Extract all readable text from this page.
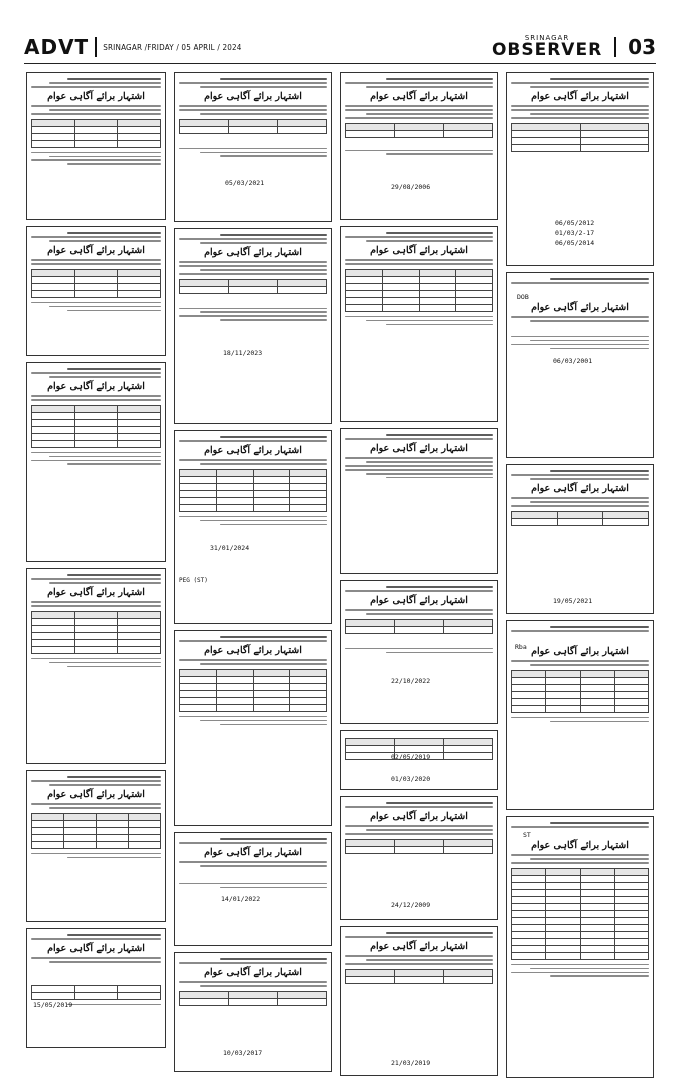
ADVT SRINAGAR /FRIDAY / 05 APRIL / 2024
SRINAGAR
OBSERVER 03
اشتہار برائے آگاہی عوام

اشتہار برائے آگاہی عوام

اشتہار برائے آگاہی عوام

اشتہار برائے آگاہی عوام

اشتہار برائے آگاہی عوام

اشتہار برائے آگاہی عوام
15/05/2019

اشتہار برائے آگاہی عوام

05/03/2021
اشتہار برائے آگاہی عوام

18/11/2023
اشتہار برائے آگاہی عوام

PEG (ST)
اشتہار برائے آگاہی عوام

اشتہار برائے آگاہی عوام
14/01/2022
اشتہار برائے آگاہی عوام

10/03/2017
اشتہار برائے آگاہی عوام

29/08/2006
اشتہار برائے آگاہی عوام

اشتہار برائے آگاہی عوام
اشتہار برائے آگاہی عوام

22/10/2022

02/05/2019
01/03/2020
اشتہار برائے آگاہی عوام

24/12/2009
اشتہار برائے آگاہی عوام

21/03/2019
اشتہار برائے آگاہی عوام

06/05/2012
01/03/2-17
06/05/2014
DOB
اشتہار برائے آگاہی عوام
06/03/2001
اشتہار برائے آگاہی عوام

19/05/2021
Rba اشتہار برائے آگاہی عوام

ST
اشتہار برائے آگاہی عوام

31/01/2024
